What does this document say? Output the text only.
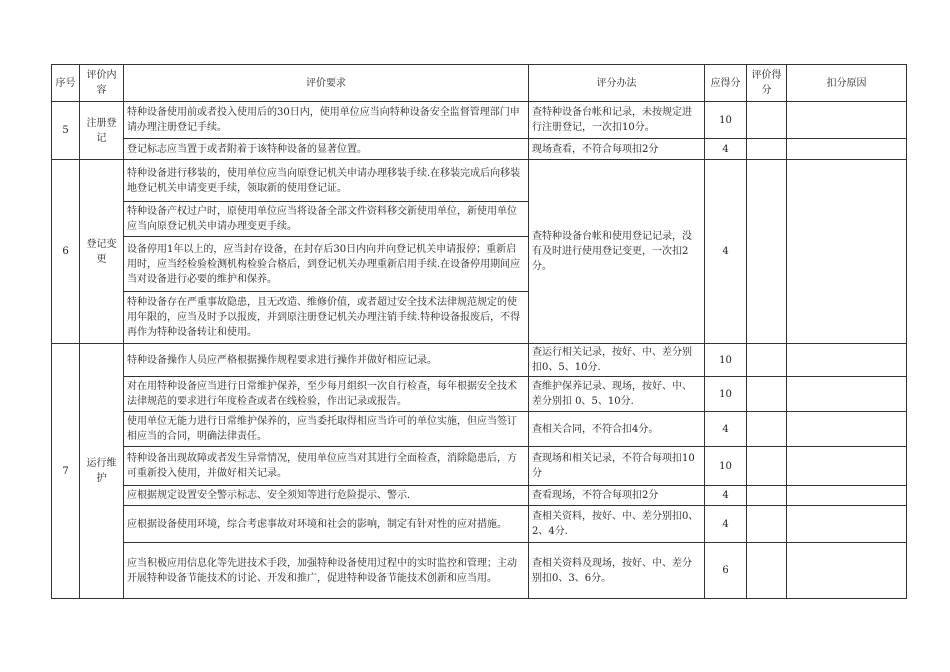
序号	评价内容	评价要求	评分办法	应得分	评价得分	扣分原因
5	注册登记	特种设备使用前或者投入使用后的30日内，使用单位应当向特种设备安全监督管理部门申请办理注册登记手续。	查特种设备台帐和记录，未按规定进行注册登记，一次扣10分。	10		
		登记标志应当置于或者附着于该特种设备的显著位置。	现场查看，不符合每项扣2分	4		
6	登记变更	特种设备进行移装的，使用单位应当向原登记机关申请办理移装手续.在移装完成后向移装地登记机关申请变更手续，领取新的使用登记证。	查特种设备台帐和使用登记记录，没有及时进行使用登记变更，一次扣2分。	4		
		特种设备产权过户时，原使用单位应当将设备全部文件资料移交新使用单位，新使用单位应当向原登记机关申请办理变更手续。				
		设备停用1年以上的，应当封存设备，在封存后30日内向并向登记机关申请报停；重新启用时，应当经检验检测机构检验合格后，到登记机关办理重新启用手续.在设备停用期间应当对设备进行必要的维护和保养。				
		特种设备存在严重事故隐患，且无改造、维修价值，或者超过安全技术法律规范规定的使用年限的，应当及时予以报废，并到原注册登记机关办理注销手续.特种设备报废后，不得再作为特种设备转让和使用。				
7	运行维护	特种设备操作人员应严格根据操作规程要求进行操作并做好相应记录。	查运行相关记录，按好、中、差分别扣0、5、10分.	10		
		对在用特种设备应当进行日常维护保养，至少每月组织一次自行检查，每年根据安全技术法律规范的要求进行年度检查或者在线检验，作出记录或报告。	查维护保养记录、现场，按好、中、差分别扣 0、5、10分.	10		
		使用单位无能力进行日常维护保养的，应当委托取得相应当许可的单位实施，但应当签订相应当的合同，明确法律责任。	查相关合同，不符合扣4分。	4		
		特种设备出现故障或者发生异常情况，使用单位应当对其进行全面检查，消除隐患后，方可重新投入使用，并做好相关记录。	查现场和相关记录，不符合每项扣10分	10		
		应根据规定设置安全警示标志、安全须知等进行危险提示、警示.	查看现场，不符合每项扣2分	4		
		应根据设备使用环境，综合考虑事故对环境和社会的影响，制定有针对性的应对措施。	查相关资料，按好、中、差分别扣0、2、4分.	4		
		应当积极应用信息化等先进技术手段，加强特种设备使用过程中的实时监控和管理；主动开展特种设备节能技术的讨论、开发和推广，促进特种设备节能技术创新和应当用。	查相关资料及现场，按好、中、差分别扣0、3、6分。	6		
